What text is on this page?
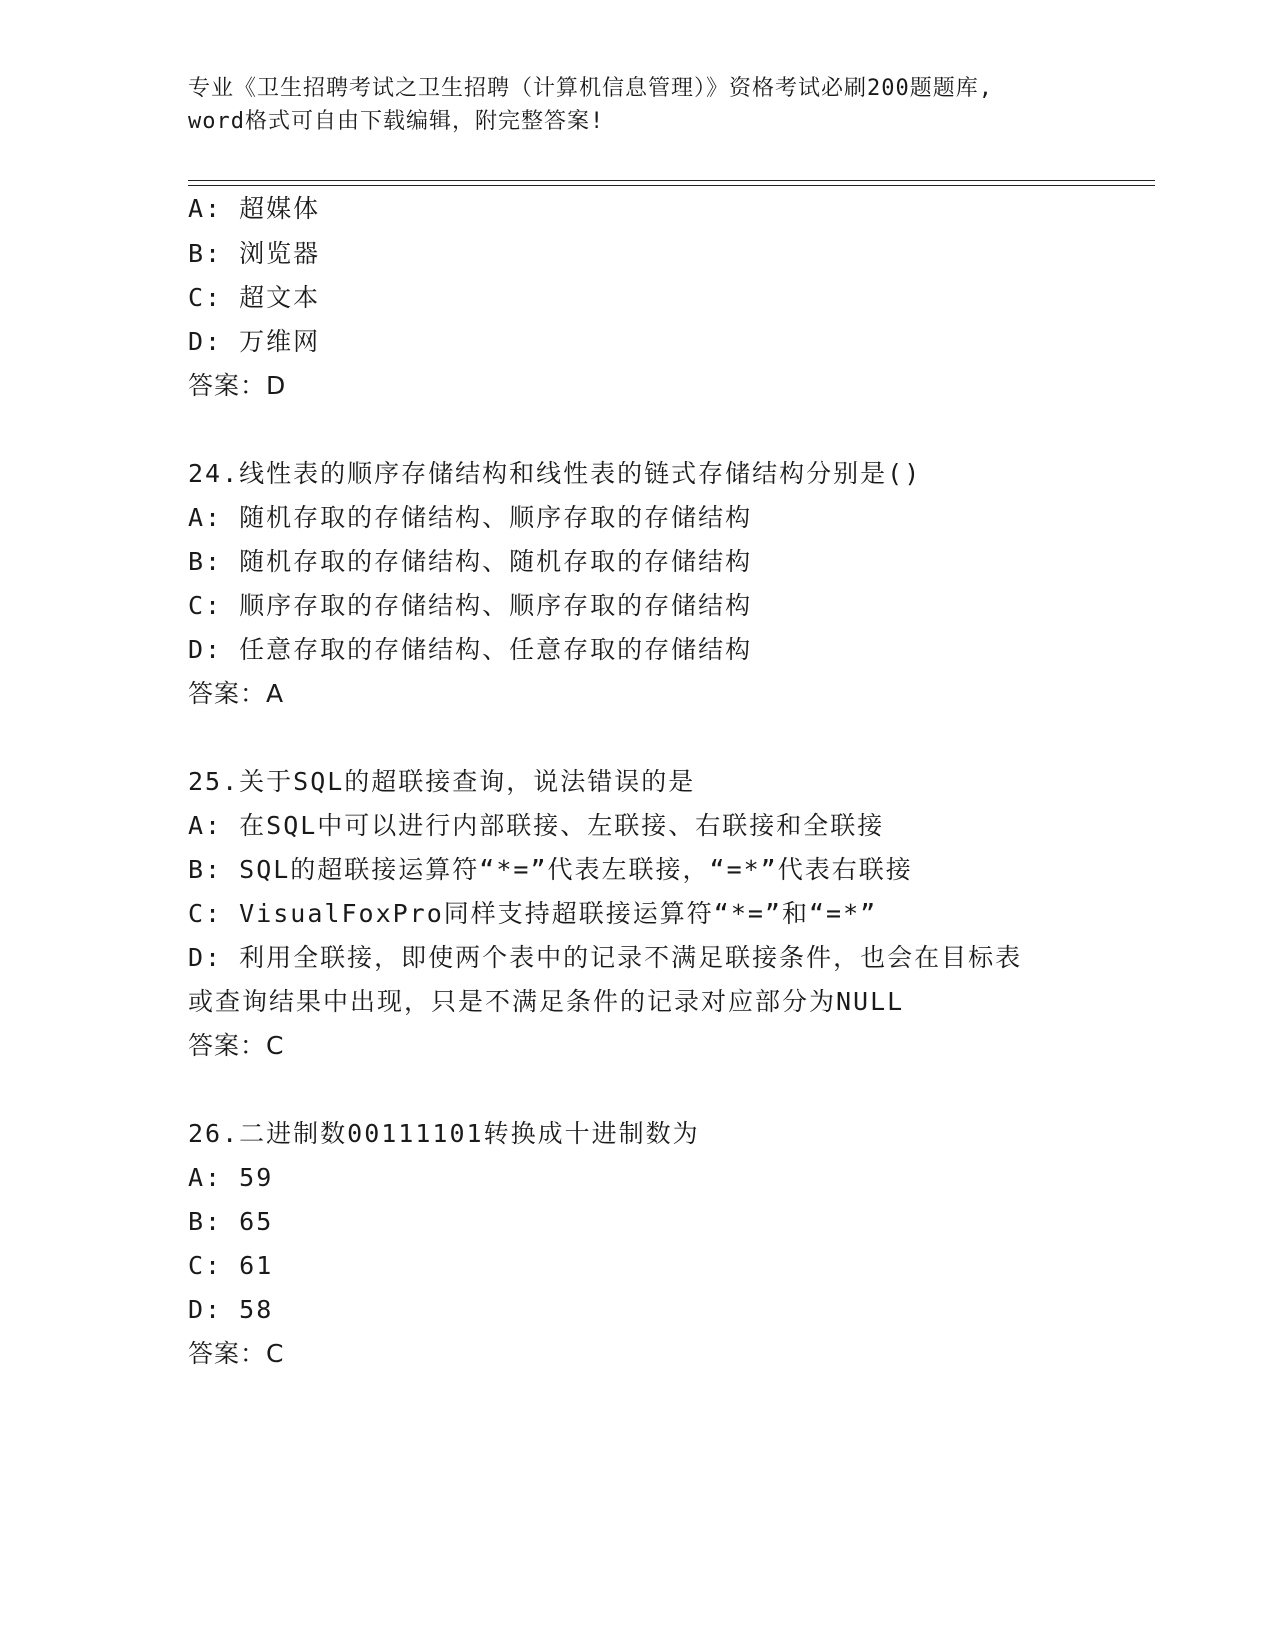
专业《卫生招聘考试之卫生招聘（计算机信息管理）》资格考试必刷200题题库,
word格式可自由下载编辑，附完整答案!
A: 超媒体
B: 浏览器
C: 超文本
D: 万维网
答案：D
24.线性表的顺序存储结构和线性表的链式存储结构分别是()
A: 随机存取的存储结构、顺序存取的存储结构
B: 随机存取的存储结构、随机存取的存储结构
C: 顺序存取的存储结构、顺序存取的存储结构
D: 任意存取的存储结构、任意存取的存储结构
答案：A
25.关于SQL的超联接查询，说法错误的是
A: 在SQL中可以进行内部联接、左联接、右联接和全联接
B: SQL的超联接运算符“*=”代表左联接，“=*”代表右联接
C: VisualFoxPro同样支持超联接运算符“*=”和“=*”
D: 利用全联接，即使两个表中的记录不满足联接条件，也会在目标表
或查询结果中出现，只是不满足条件的记录对应部分为NULL
答案：C
26.二进制数00111101转换成十进制数为
A: 59
B: 65
C: 61
D: 58
答案：C
